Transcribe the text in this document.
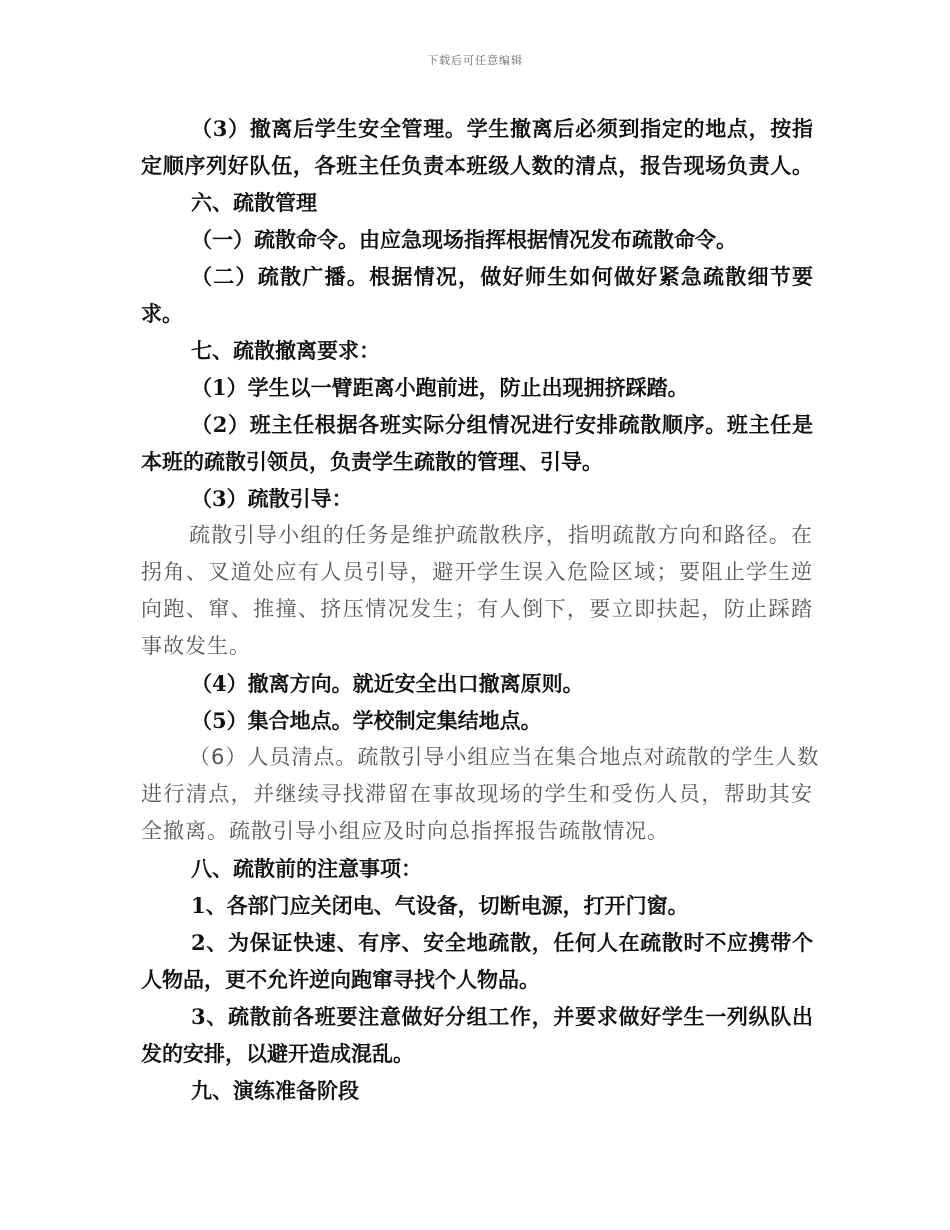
下载后可任意编辑
（3）撤离后学生安全管理。学生撤离后必须到指定的地点，按指
定顺序列好队伍，各班主任负责本班级人数的清点，报告现场负责人。
六、疏散管理
（一）疏散命令。由应急现场指挥根据情况发布疏散命令。
（二）疏散广播。根据情况，做好师生如何做好紧急疏散细节要
求。
七、疏散撤离要求：
（1）学生以一臂距离小跑前进，防止出现拥挤踩踏。
（2）班主任根据各班实际分组情况进行安排疏散顺序。班主任是
本班的疏散引领员，负责学生疏散的管理、引导。
（3）疏散引导：
疏散引导小组的任务是维护疏散秩序，指明疏散方向和路径。在
拐角、叉道处应有人员引导，避开学生误入危险区域；要阻止学生逆
向跑、窜、推撞、挤压情况发生；有人倒下，要立即扶起，防止踩踏
事故发生。
（4）撤离方向。就近安全出口撤离原则。
（5）集合地点。学校制定集结地点。
（6）人员清点。疏散引导小组应当在集合地点对疏散的学生人数
进行清点，并继续寻找滞留在事故现场的学生和受伤人员，帮助其安
全撤离。疏散引导小组应及时向总指挥报告疏散情况。
八、疏散前的注意事项：
1、各部门应关闭电、气设备，切断电源，打开门窗。
2、为保证快速、有序、安全地疏散，任何人在疏散时不应携带个
人物品，更不允许逆向跑窜寻找个人物品。
3、疏散前各班要注意做好分组工作，并要求做好学生一列纵队出
发的安排，以避开造成混乱。
九、演练准备阶段
